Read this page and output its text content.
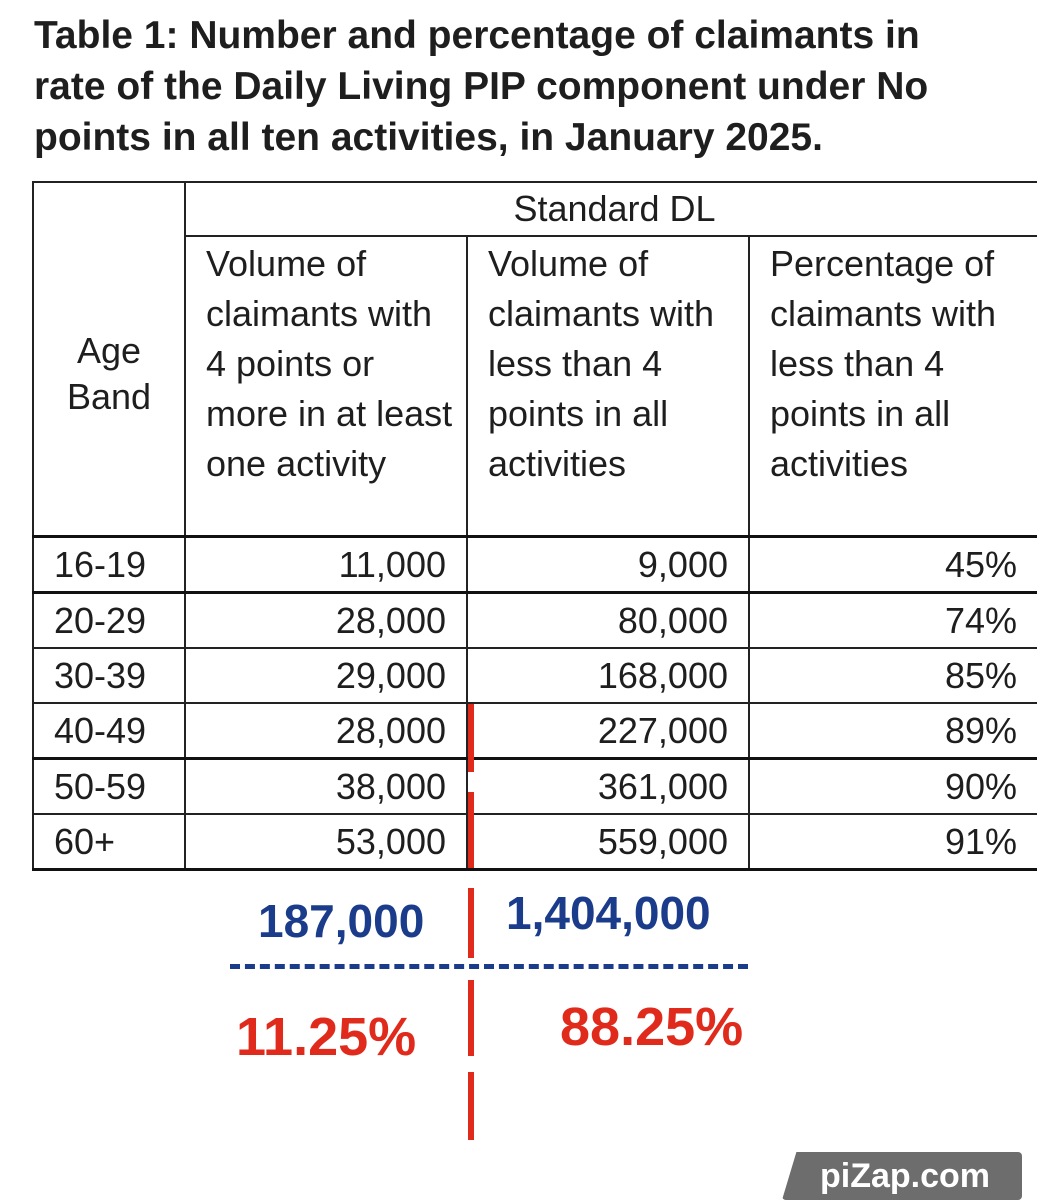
Table 1: Number and percentage of claimants in
rate of the Daily Living PIP component under No
points in all ten activities, in January 2025.
Age Band	Standard DL		
	Volume of claimants with 4 points or more in at least one activity	Volume of claimants with less than 4 points in all activities	Percentage of claimants with less than 4 points in all activities
16-19	11,000	9,000	45%
20-29	28,000	80,000	74%
30-39	29,000	168,000	85%
40-49	28,000	227,000	89%
50-59	38,000	361,000	90%
60+	53,000	559,000	91%
187,000 1,404,000
11.25%	88.25%
piZap.com
